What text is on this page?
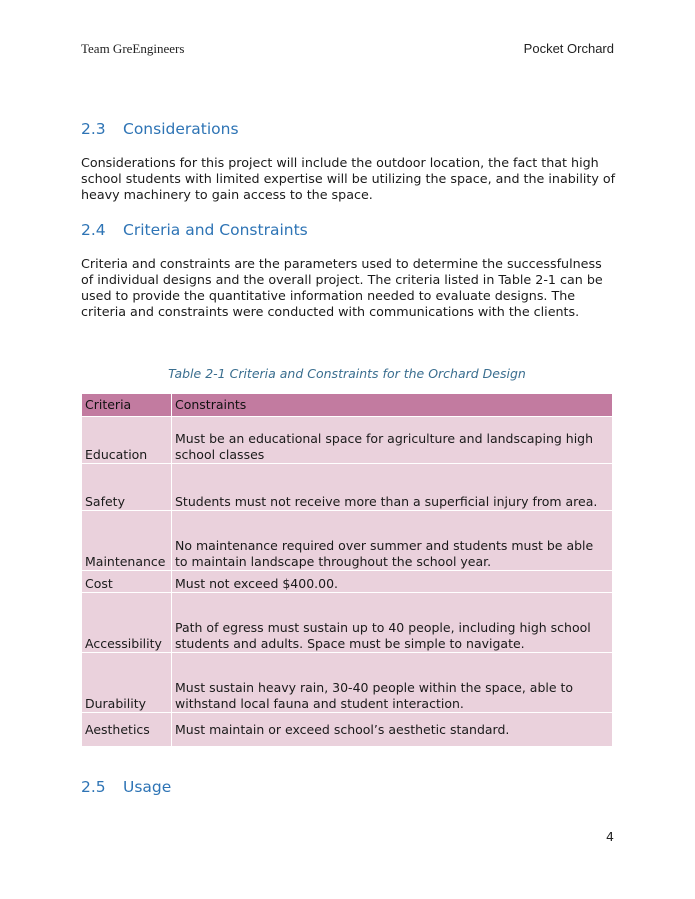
Team GreEngineers	Pocket Orchard
2.3 Considerations
Considerations for this project will include the outdoor location, the fact that high school students with limited expertise will be utilizing the space, and the inability of heavy machinery to gain access to the space.
2.4 Criteria and Constraints
Criteria and constraints are the parameters used to determine the successfulness of individual designs and the overall project. The criteria listed in Table 2-1 can be used to provide the quantitative information needed to evaluate designs. The criteria and constraints were conducted with communications with the clients.
Table 2-1 Criteria and Constraints for the Orchard Design
Criteria	Constraints
Education	Must be an educational space for agriculture and landscaping high school classes
Safety	Students must not receive more than a superficial injury from area.
Maintenance	No maintenance required over summer and students must be able to maintain landscape throughout the school year.
Cost	Must not exceed $400.00.
Accessibility	Path of egress must sustain up to 40 people, including high school students and adults. Space must be simple to navigate.
Durability	Must sustain heavy rain, 30-40 people within the space, able to withstand local fauna and student interaction.
Aesthetics	Must maintain or exceed school’s aesthetic standard.
2.5 Usage
4
